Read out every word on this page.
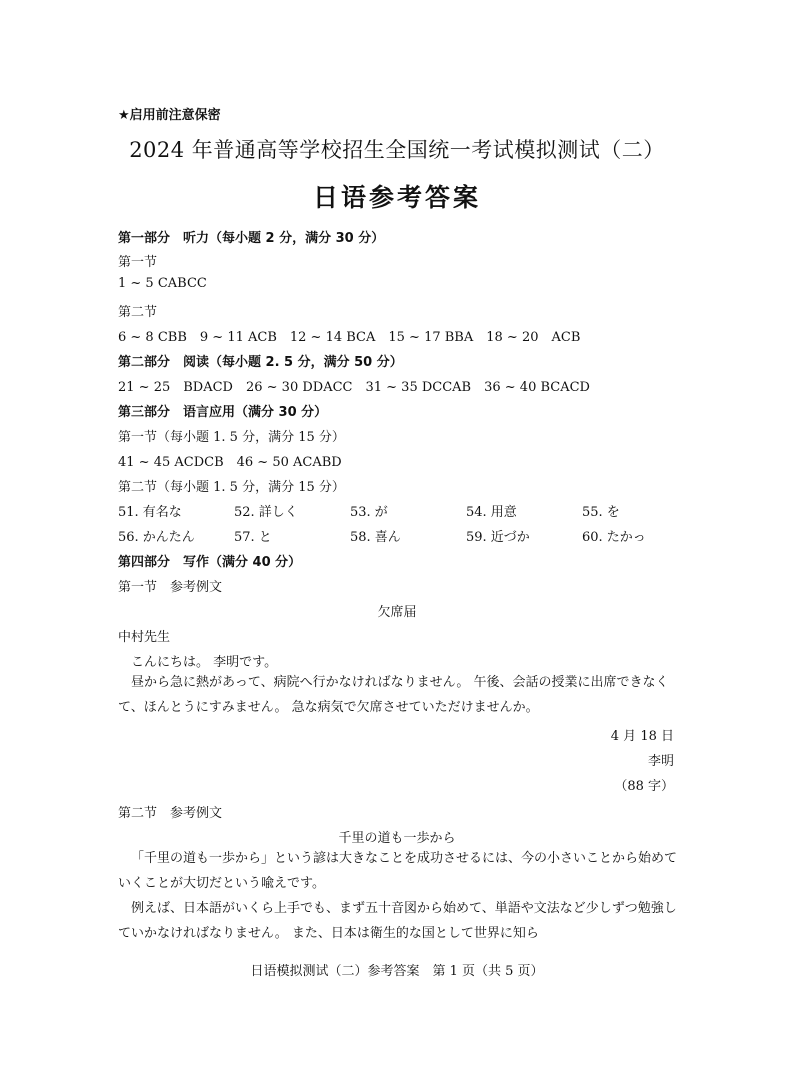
★启用前注意保密
2024 年普通高等学校招生全国统一考试模拟测试（二）
日语参考答案
第一部分　听力（每小题 2 分，满分 30 分）
第一节
1 ~ 5 CABCC
第二节
6 ~ 8 CBB　9 ~ 11 ACB　12 ~ 14 BCA　15 ~ 17 BBA　18 ~ 20　ACB
第二部分　阅读（每小题 2. 5 分，满分 50 分）
21 ~ 25　BDACD　26 ~ 30 DDACC　31 ~ 35 DCCAB　36 ~ 40 BCACD
第三部分　语言应用（满分 30 分）
第一节（每小题 1. 5 分，满分 15 分）
41 ~ 45 ACDCB　46 ~ 50 ACABD
第二节（每小题 1. 5 分，满分 15 分）
51. 有名な	52. 詳しく	53. が	54. 用意	55. を
56. かんたん	57. と	58. 喜ん	59. 近づか	60. たかっ
第四部分　写作（满分 40 分）
第一节　参考例文
欠席届
中村先生
こんにちは。 李明です。
昼から急に熱があって、病院へ行かなければなりません。 午後、会話の授業に出席できなくて、ほんとうにすみません。 急な病気で欠席させていただけませんか。
4 月 18 日
李明
（88 字）
第二节　参考例文
千里の道も一歩から
「千里の道も一歩から」という諺は大きなことを成功させるには、今の小さいことから始めていくことが大切だという喩えです。
例えば、日本語がいくら上手でも、まず五十音図から始めて、単語や文法など少しずつ勉強していかなければなりません。 また、日本は衛生的な国として世界に知ら
日语模拟测试（二）参考答案　第 1 页（共 5 页）
